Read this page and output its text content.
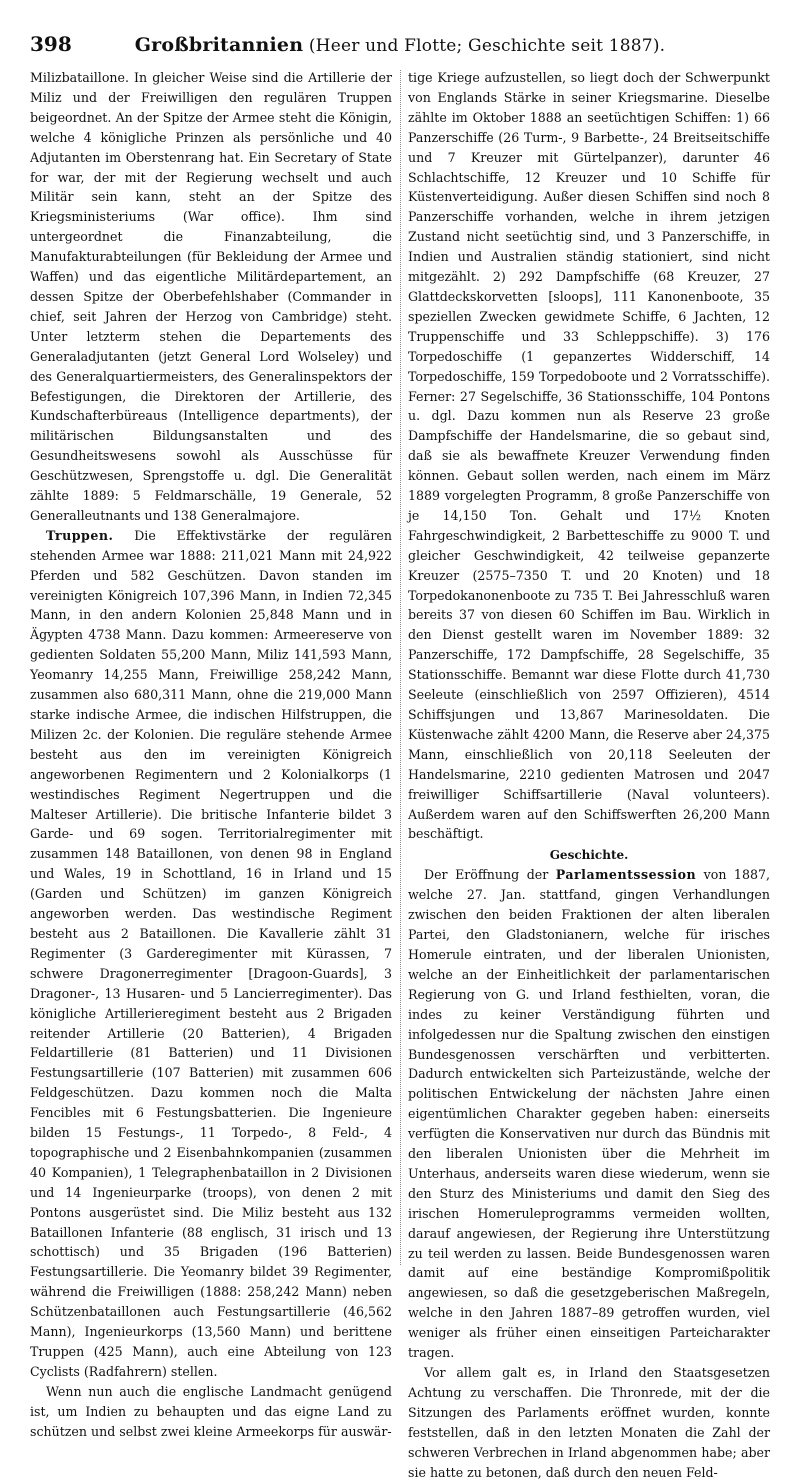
398	Großbritannien (Heer und Flotte; Geschichte seit 1887).

Milizbataillone. In gleicher Weise sind die Artillerie der Miliz und der Freiwilligen den regulären Truppen beigeordnet. An der Spitze der Armee steht die Königin, welche 4 königliche Prinzen als persönliche und 40 Adjutanten im Oberstenrang hat. Ein Secretary of State for war, der mit der Regierung wechselt und auch Militär sein kann, steht an der Spitze des Kriegsministeriums (War office). Ihm sind untergeordnet die Finanzabteilung, die Manufakturabteilungen (für Bekleidung der Armee und Waffen) und das eigentliche Militärdepartement, an dessen Spitze der Oberbefehlshaber (Commander in chief, seit Jahren der Herzog von Cambridge) steht. Unter letzterm stehen die Departements des Generaladjutanten (jetzt General Lord Wolseley) und des Generalquartiermeisters, des Generalinspektors der Befestigungen, die Direktoren der Artillerie, des Kundschafterbüreaus (Intelligence departments), der militärischen Bildungsanstalten und des Gesundheitswesens sowohl als Ausschüsse für Geschützwesen, Sprengstoffe u. dgl. Die Generalität zählte 1889: 5 Feldmarschälle, 19 Generale, 52 Generalleutnants und 138 Generalmajore.

Truppen. Die Effektivstärke der regulären stehenden Armee war 1888: 211,021 Mann mit 24,922 Pferden und 582 Geschützen. Davon standen im vereinigten Königreich 107,396 Mann, in Indien 72,345 Mann, in den andern Kolonien 25,848 Mann und in Ägypten 4738 Mann. Dazu kommen: Armeereserve von gedienten Soldaten 55,200 Mann, Miliz 141,593 Mann, Yeomanry 14,255 Mann, Freiwillige 258,242 Mann, zusammen also 680,311 Mann, ohne die 219,000 Mann starke indische Armee, die indischen Hilfstruppen, die Milizen 2c. der Kolonien. Die reguläre stehende Armee besteht aus den im vereinigten Königreich angeworbenen Regimentern und 2 Kolonialkorps (1 westindisches Regiment Negertruppen und die Malteser Artillerie). Die britische Infanterie bildet 3 Garde- und 69 sogen. Territorialregimenter mit zusammen 148 Bataillonen, von denen 98 in England und Wales, 19 in Schottland, 16 in Irland und 15 (Garden und Schützen) im ganzen Königreich angeworben werden. Das westindische Regiment besteht aus 2 Bataillonen. Die Kavallerie zählt 31 Regimenter (3 Garderegimenter mit Kürassen, 7 schwere Dragonerregimenter [Dragoon-Guards], 3 Dragoner-, 13 Husaren- und 5 Lancierregimenter). Das königliche Artillerieregiment besteht aus 2 Brigaden reitender Artillerie (20 Batterien), 4 Brigaden Feldartillerie (81 Batterien) und 11 Divisionen Festungsartillerie (107 Batterien) mit zusammen 606 Feldgeschützen. Dazu kommen noch die Malta Fencibles mit 6 Festungsbatterien. Die Ingenieure bilden 15 Festungs-, 11 Torpedo-, 8 Feld-, 4 topographische und 2 Eisenbahnkompanien (zusammen 40 Kompanien), 1 Telegraphenbataillon in 2 Divisionen und 14 Ingenieurparke (troops), von denen 2 mit Pontons ausgerüstet sind. Die Miliz besteht aus 132 Bataillonen Infanterie (88 englisch, 31 irisch und 13 schottisch) und 35 Brigaden (196 Batterien) Festungsartillerie. Die Yeomanry bildet 39 Regimenter, während die Freiwilligen (1888: 258,242 Mann) neben Schützenbataillonen auch Festungsartillerie (46,562 Mann), Ingenieurkorps (13,560 Mann) und berittene Truppen (425 Mann), auch eine Abteilung von 123 Cyclists (Radfahrern) stellen.

Wenn nun auch die englische Landmacht genügend ist, um Indien zu behaupten und das eigne Land zu schützen und selbst zwei kleine Armeekorps für auswär-

tige Kriege aufzustellen, so liegt doch der Schwerpunkt von Englands Stärke in seiner Kriegsmarine. Dieselbe zählte im Oktober 1888 an seetüchtigen Schiffen: 1) 66 Panzerschiffe (26 Turm-, 9 Barbette-, 24 Breitseitschiffe und 7 Kreuzer mit Gürtelpanzer), darunter 46 Schlachtschiffe, 12 Kreuzer und 10 Schiffe für Küstenverteidigung. Außer diesen Schiffen sind noch 8 Panzerschiffe vorhanden, welche in ihrem jetzigen Zustand nicht seetüchtig sind, und 3 Panzerschiffe, in Indien und Australien ständig stationiert, sind nicht mitgezählt. 2) 292 Dampfschiffe (68 Kreuzer, 27 Glattdeckskorvetten [sloops], 111 Kanonenboote, 35 speziellen Zwecken gewidmete Schiffe, 6 Jachten, 12 Truppenschiffe und 33 Schleppschiffe). 3) 176 Torpedoschiffe (1 gepanzertes Widderschiff, 14 Torpedoschiffe, 159 Torpedoboote und 2 Vorratsschiffe). Ferner: 27 Segelschiffe, 36 Stationsschiffe, 104 Pontons u. dgl. Dazu kommen nun als Reserve 23 große Dampfschiffe der Handelsmarine, die so gebaut sind, daß sie als bewaffnete Kreuzer Verwendung finden können. Gebaut sollen werden, nach einem im März 1889 vorgelegten Programm, 8 große Panzerschiffe von je 14,150 Ton. Gehalt und 17½ Knoten Fahrgeschwindigkeit, 2 Barbetteschiffe zu 9000 T. und gleicher Geschwindigkeit, 42 teilweise gepanzerte Kreuzer (2575–7350 T. und 20 Knoten) und 18 Torpedokanonenboote zu 735 T. Bei Jahresschluß waren bereits 37 von diesen 60 Schiffen im Bau. Wirklich in den Dienst gestellt waren im November 1889: 32 Panzerschiffe, 172 Dampfschiffe, 28 Segelschiffe, 35 Stationsschiffe. Bemannt war diese Flotte durch 41,730 Seeleute (einschließlich von 2597 Offizieren), 4514 Schiffsjungen und 13,867 Marinesoldaten. Die Küstenwache zählt 4200 Mann, die Reserve aber 24,375 Mann, einschließlich von 20,118 Seeleuten der Handelsmarine, 2210 gedienten Matrosen und 2047 freiwilliger Schiffsartillerie (Naval volunteers). Außerdem waren auf den Schiffswerften 26,200 Mann beschäftigt.

Geschichte.

Der Eröffnung der Parlamentssession von 1887, welche 27. Jan. stattfand, gingen Verhandlungen zwischen den beiden Fraktionen der alten liberalen Partei, den Gladstonianern, welche für irisches Homerule eintraten, und der liberalen Unionisten, welche an der Einheitlichkeit der parlamentarischen Regierung von G. und Irland festhielten, voran, die indes zu keiner Verständigung führten und infolgedessen nur die Spaltung zwischen den einstigen Bundesgenossen verschärften und verbitterten. Dadurch entwickelten sich Parteizustände, welche der politischen Entwickelung der nächsten Jahre einen eigentümlichen Charakter gegeben haben: einerseits verfügten die Konservativen nur durch das Bündnis mit den liberalen Unionisten über die Mehrheit im Unterhaus, anderseits waren diese wiederum, wenn sie den Sturz des Ministeriums und damit den Sieg des irischen Homeruleprogramms vermeiden wollten, darauf angewiesen, der Regierung ihre Unterstützung zu teil werden zu lassen. Beide Bundesgenossen waren damit auf eine beständige Kompromißpolitik angewiesen, so daß die gesetzgeberischen Maßregeln, welche in den Jahren 1887–89 getroffen wurden, viel weniger als früher einen einseitigen Parteicharakter tragen.

Vor allem galt es, in Irland den Staatsgesetzen Achtung zu verschaffen. Die Thronrede, mit der die Sitzungen des Parlaments eröffnet wurden, konnte feststellen, daß in den letzten Monaten die Zahl der schweren Verbrechen in Irland abgenommen habe; aber sie hatte zu betonen, daß durch den neuen Feld-
